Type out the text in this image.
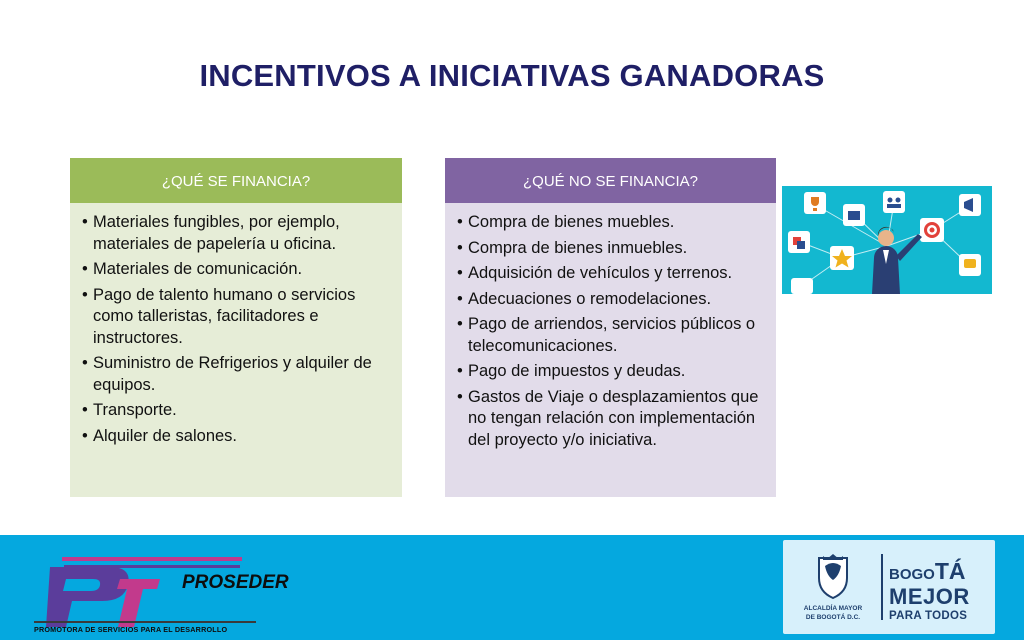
INCENTIVOS A INICIATIVAS GANADORAS
¿QUÉ SE FINANCIA?
• Materiales fungibles, por ejemplo, materiales de papelería u oficina.
• Materiales de comunicación.
• Pago de talento humano o servicios como talleristas, facilitadores e instructores.
• Suministro de Refrigerios y alquiler de equipos.
• Transporte.
• Alquiler de salones.
¿QUÉ NO SE FINANCIA?
• Compra de bienes muebles.
• Compra de bienes inmuebles.
• Adquisición de vehículos y terrenos.
• Adecuaciones o remodelaciones.
• Pago de arriendos, servicios públicos o telecomunicaciones.
• Pago de impuestos y deudas.
• Gastos de Viaje o desplazamientos que no tengan relación con implementación del proyecto y/o iniciativa.
PROSEDER
PROMOTORA DE SERVICIOS PARA EL DESARROLLO
ALCALDÍA MAYOR
DE BOGOTÁ D.C.
BOGOTÁ
MEJOR
PARA TODOS
